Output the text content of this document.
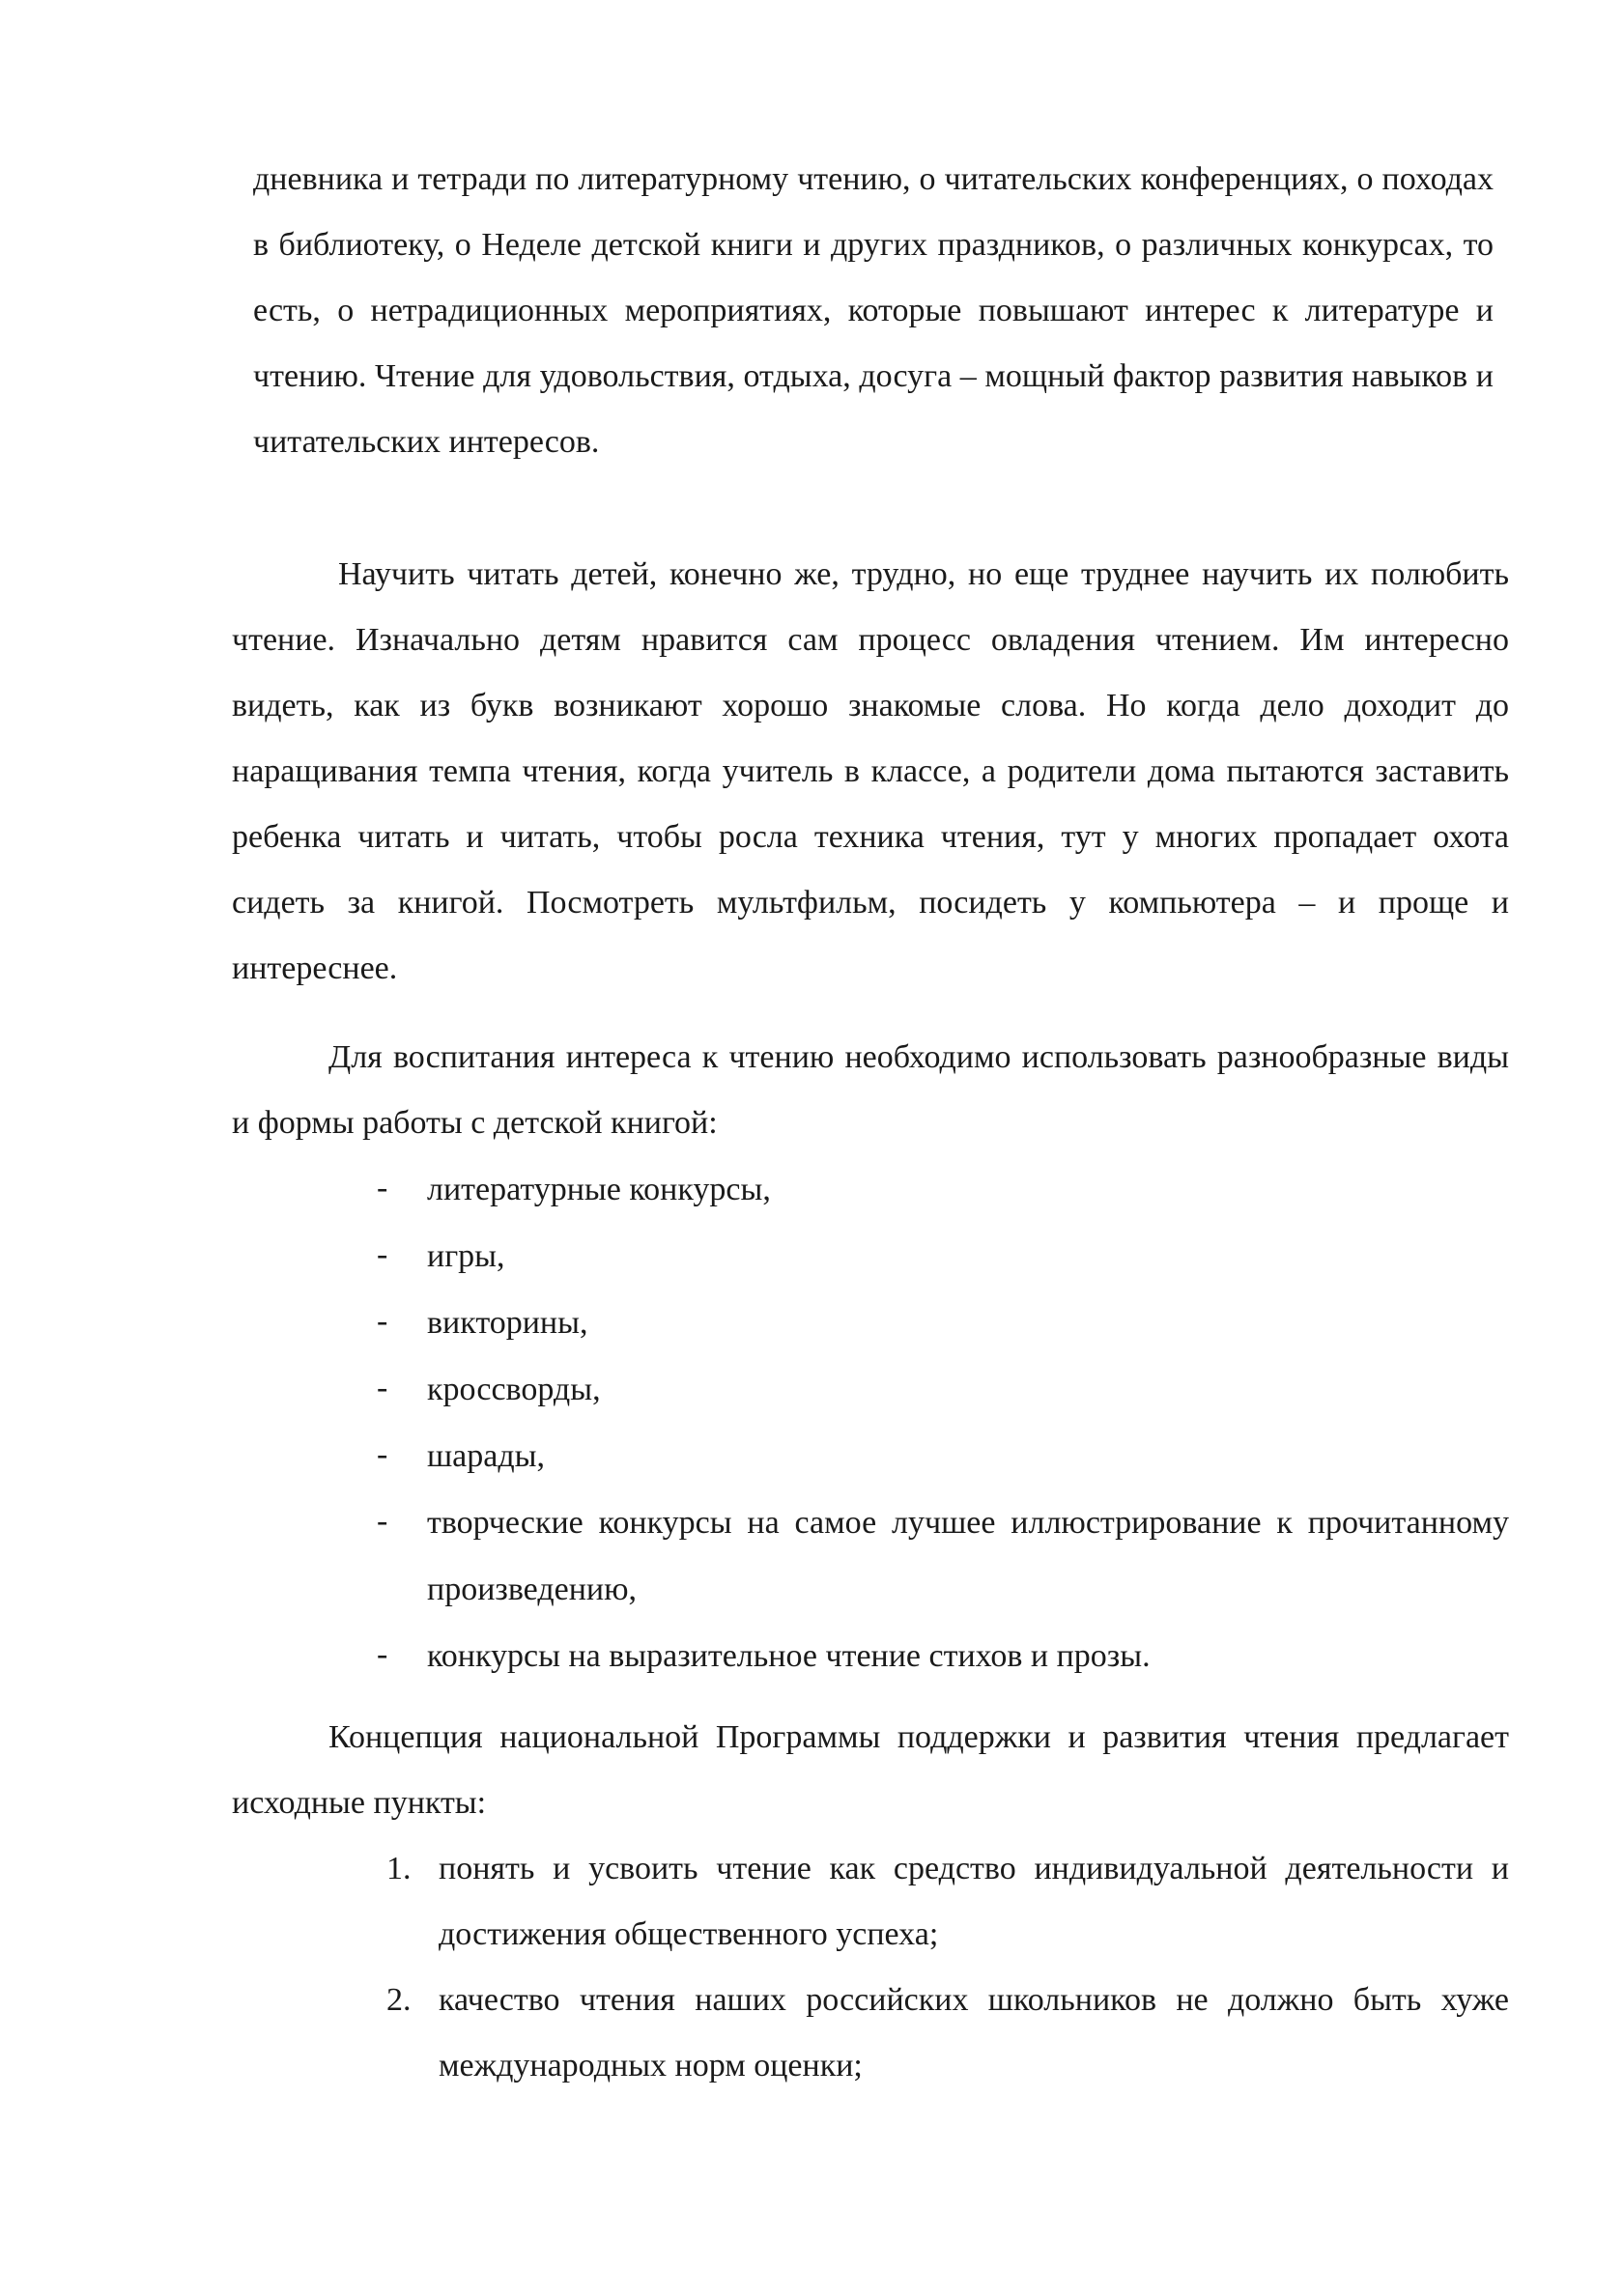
дневника и тетради по литературному чтению, о читательских конференциях, о походах в библиотеку, о Неделе детской книги и других праздников, о различных конкурсах, то есть, о нетрадиционных мероприятиях, которые повышают интерес к литературе и чтению. Чтение для удовольствия, отдыха, досуга – мощный фактор развития навыков и читательских интересов.

Научить читать детей, конечно же, трудно, но еще труднее научить их полюбить чтение. Изначально детям нравится сам процесс овладения чтением. Им интересно видеть, как из букв возникают хорошо знакомые слова. Но когда дело доходит до наращивания темпа чтения, когда учитель в классе, а родители дома пытаются заставить ребенка читать и читать, чтобы росла техника чтения, тут у многих пропадает охота сидеть за книгой. Посмотреть мультфильм, посидеть у компьютера – и проще и интереснее.

Для воспитания интереса к чтению необходимо использовать разнообразные виды и формы работы с детской книгой:

- литературные конкурсы,
- игры,
- викторины,
- кроссворды,
- шарады,
- творческие конкурсы на самое лучшее иллюстрирование к прочитанному произведению,
- конкурсы на выразительное чтение стихов и прозы.

Концепция национальной Программы поддержки и развития чтения предлагает исходные пункты:

1. понять и усвоить чтение как средство индивидуальной деятельности и достижения общественного успеха;
2. качество чтения наших российских школьников не должно быть хуже международных норм оценки;
